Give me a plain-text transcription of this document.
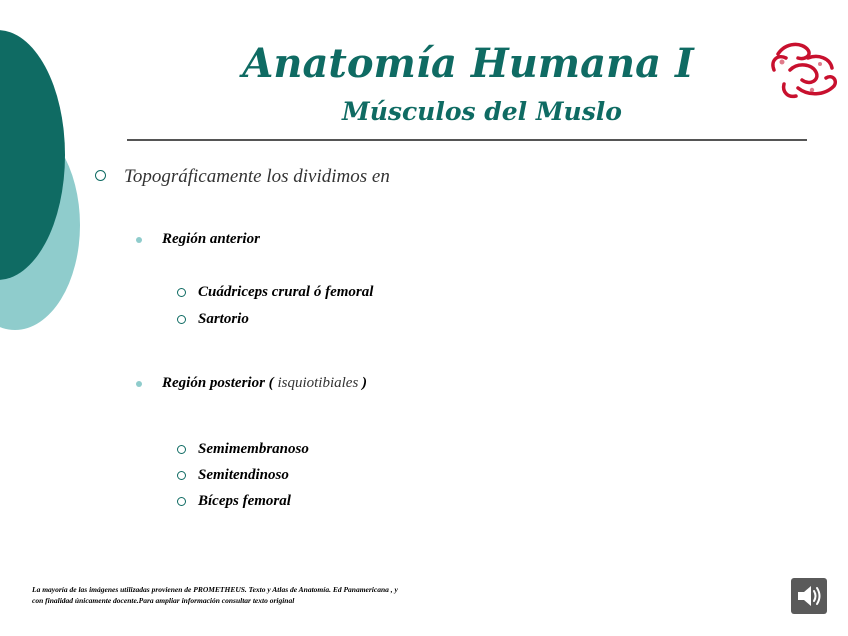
Anatomía Humana I
Músculos del Muslo
Topográficamente los dividimos en
Región anterior
Cuádriceps crural ó femoral
Sartorio
Región posterior ( isquiotibiales )
Semimembranoso
Semitendinoso
Bíceps femoral
La mayoría de las imágenes utilizadas provienen de PROMETHEUS. Texto y Atlas de Anatomía. Ed Panamericana , y
con finalidad únicamente docente.Para ampliar información consultar texto original
